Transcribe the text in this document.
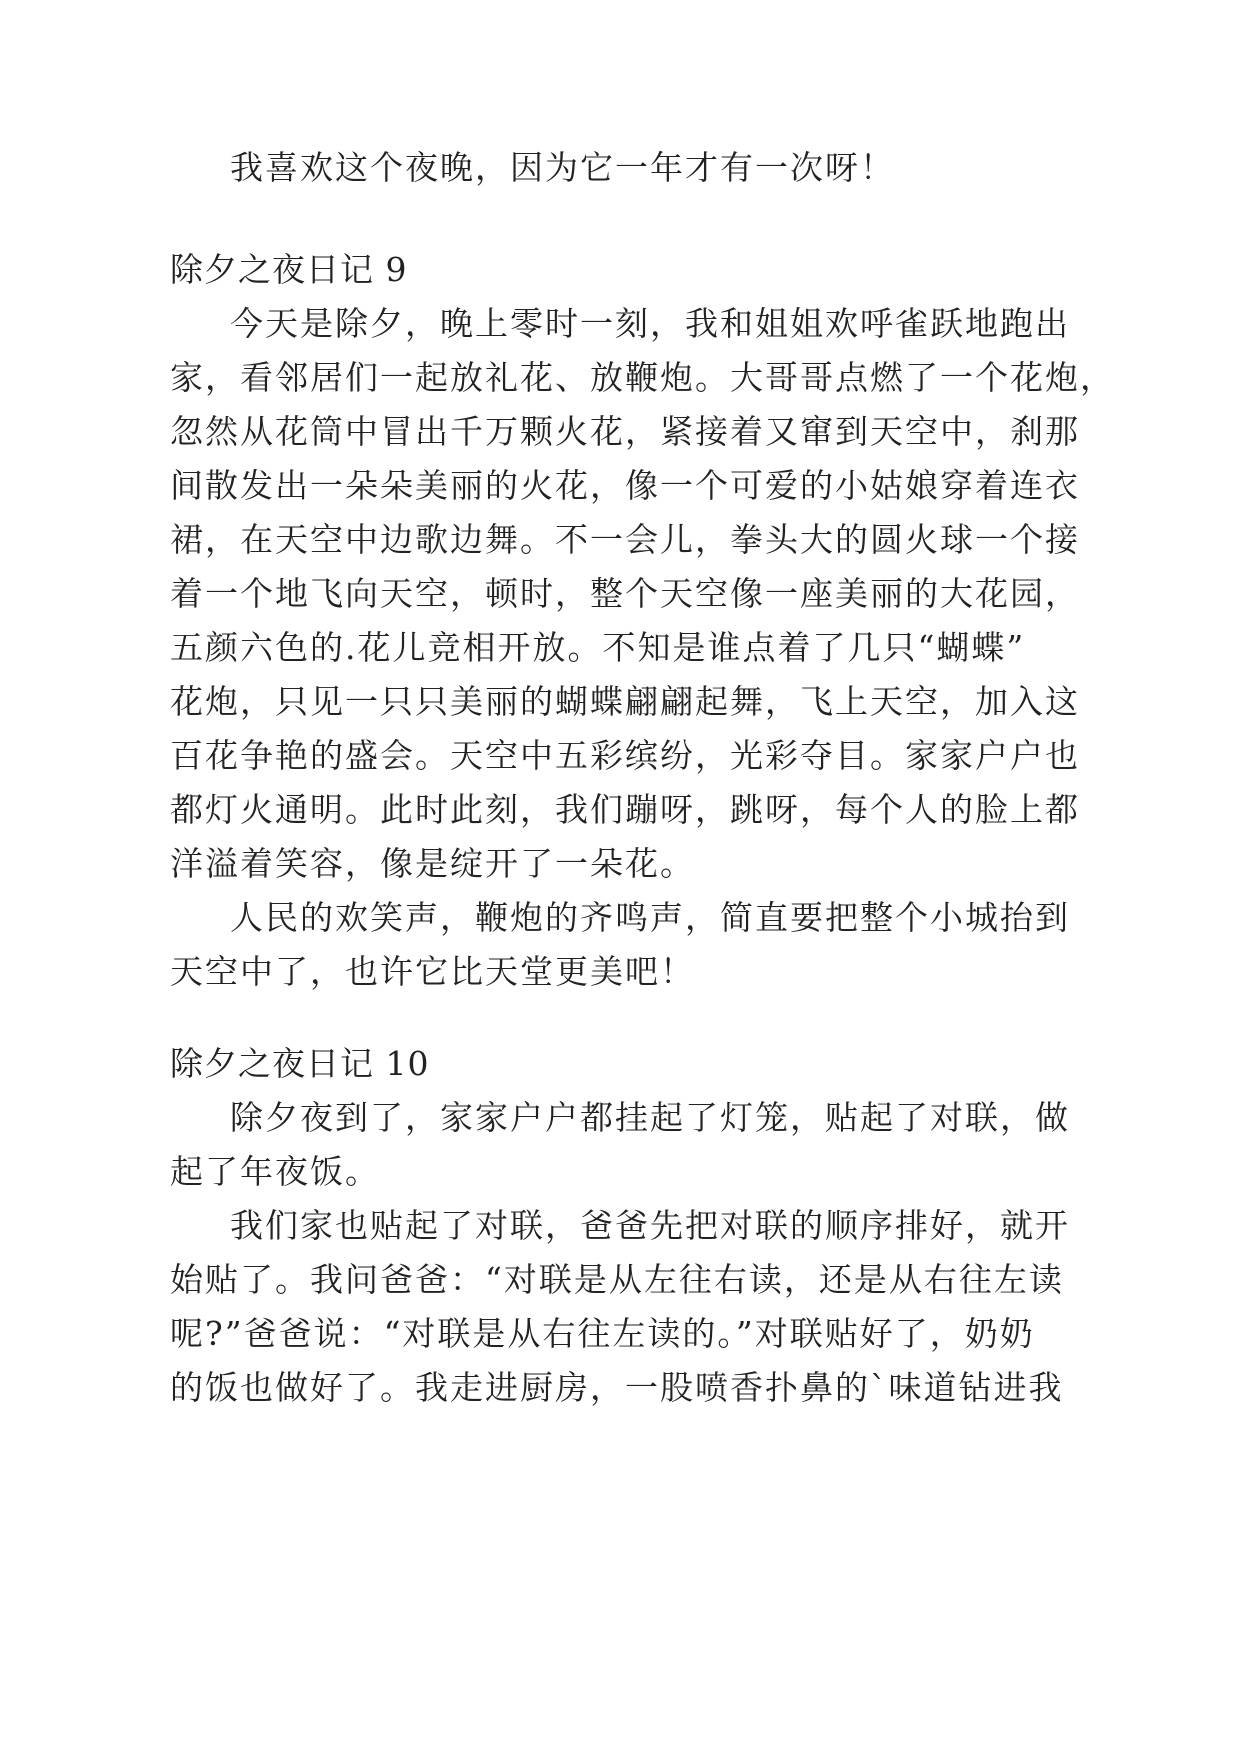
我喜欢这个夜晚，因为它一年才有一次呀！
除夕之夜日记 9
今天是除夕，晚上零时一刻，我和姐姐欢呼雀跃地跑出
家，看邻居们一起放礼花、放鞭炮。大哥哥点燃了一个花炮，
忽然从花筒中冒出千万颗火花，紧接着又窜到天空中，刹那
间散发出一朵朵美丽的火花，像一个可爱的小姑娘穿着连衣
裙，在天空中边歌边舞。不一会儿，拳头大的圆火球一个接
着一个地飞向天空，顿时，整个天空像一座美丽的大花园，
五颜六色的.花儿竞相开放。不知是谁点着了几只“蝴蝶”
花炮，只见一只只美丽的蝴蝶翩翩起舞，飞上天空，加入这
百花争艳的盛会。天空中五彩缤纷，光彩夺目。家家户户也
都灯火通明。此时此刻，我们蹦呀，跳呀，每个人的脸上都
洋溢着笑容，像是绽开了一朵花。
人民的欢笑声，鞭炮的齐鸣声，简直要把整个小城抬到
天空中了，也许它比天堂更美吧！
除夕之夜日记 10
除夕夜到了，家家户户都挂起了灯笼，贴起了对联，做
起了年夜饭。
我们家也贴起了对联，爸爸先把对联的顺序排好，就开
始贴了。我问爸爸：“对联是从左往右读，还是从右往左读
呢?”爸爸说：“对联是从右往左读的。”对联贴好了，奶奶
的饭也做好了。我走进厨房，一股喷香扑鼻的`味道钻进我
